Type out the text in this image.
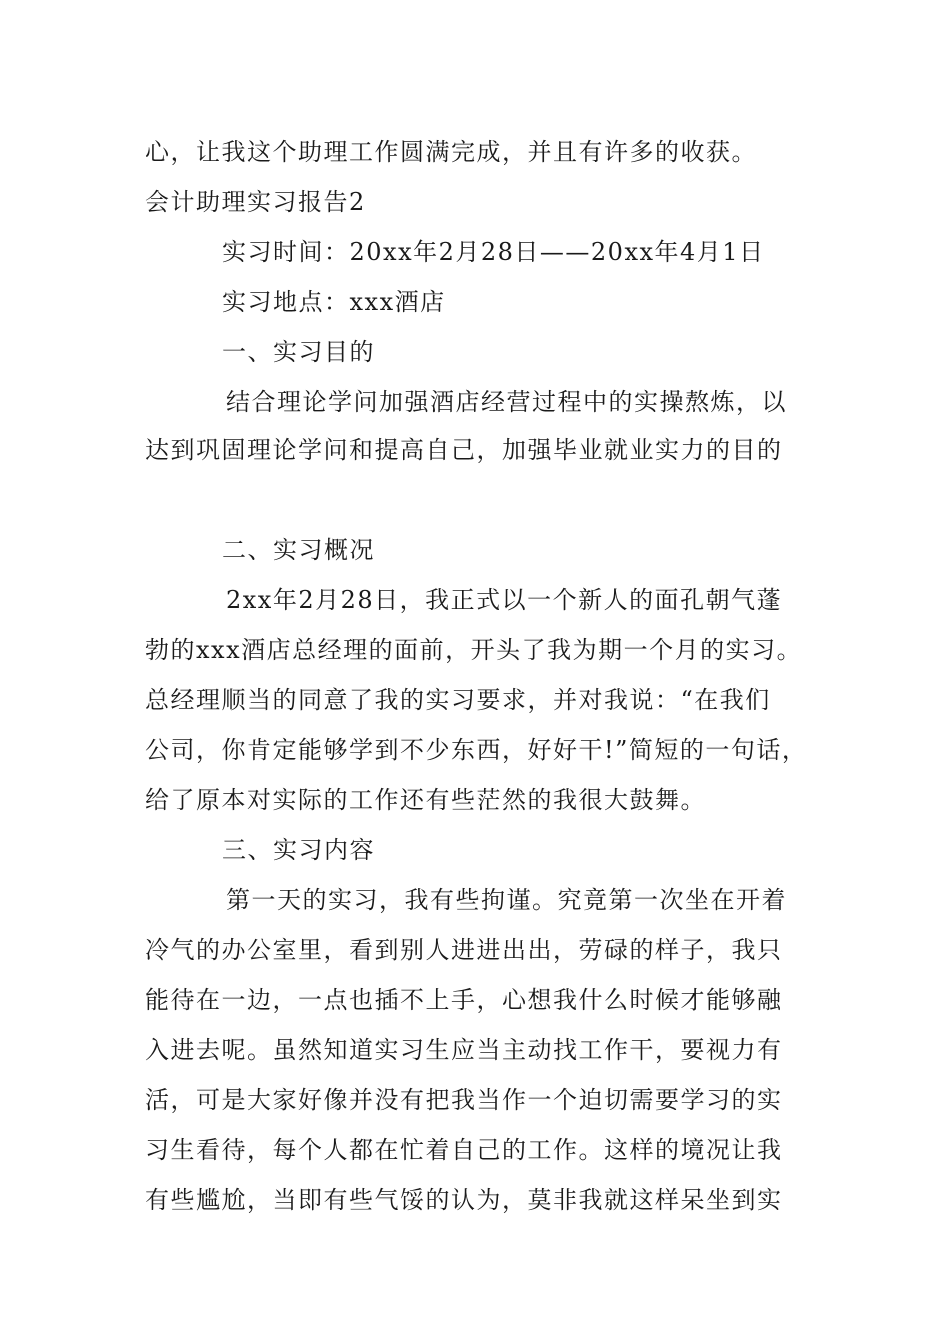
心，让我这个助理工作圆满完成，并且有许多的收获。
会计助理实习报告2
实习时间：20xx年2月28日——20xx年4月1日
实习地点：xxx酒店
一、实习目的
结合理论学问加强酒店经营过程中的实操熬炼，以
达到巩固理论学问和提高自己，加强毕业就业实力的目的
二、实习概况
2xx年2月28日，我正式以一个新人的面孔朝气蓬
勃的xxx酒店总经理的面前，开头了我为期一个月的实习。
总经理顺当的同意了我的实习要求，并对我说：“在我们
公司，你肯定能够学到不少东西，好好干!”简短的一句话，
给了原本对实际的工作还有些茫然的我很大鼓舞。
三、实习内容
第一天的实习，我有些拘谨。究竟第一次坐在开着
冷气的办公室里，看到别人进进出出，劳碌的样子，我只
能待在一边，一点也插不上手，心想我什么时候才能够融
入进去呢。虽然知道实习生应当主动找工作干，要视力有
活，可是大家好像并没有把我当作一个迫切需要学习的实
习生看待，每个人都在忙着自己的工作。这样的境况让我
有些尴尬，当即有些气馁的认为，莫非我就这样呆坐到实
